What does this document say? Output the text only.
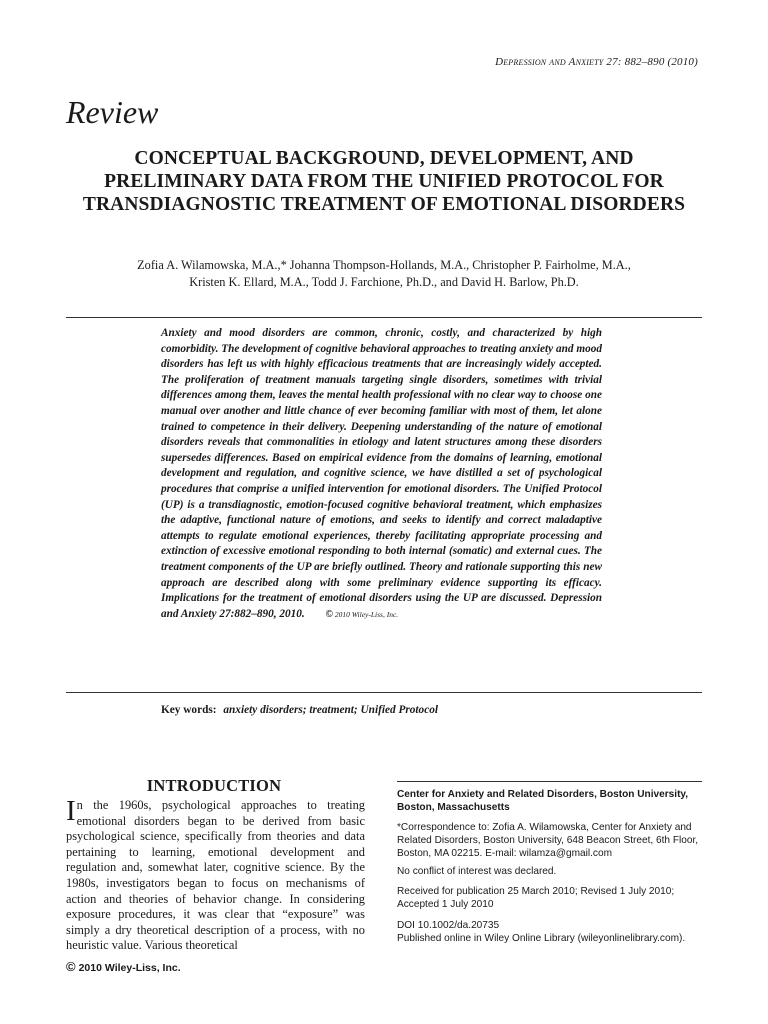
Depression and Anxiety 27: 882–890 (2010)
Review
CONCEPTUAL BACKGROUND, DEVELOPMENT, AND PRELIMINARY DATA FROM THE UNIFIED PROTOCOL FOR TRANSDIAGNOSTIC TREATMENT OF EMOTIONAL DISORDERS
Zofia A. Wilamowska, M.A.,* Johanna Thompson-Hollands, M.A., Christopher P. Fairholme, M.A.,
Kristen K. Ellard, M.A., Todd J. Farchione, Ph.D., and David H. Barlow, Ph.D.
Anxiety and mood disorders are common, chronic, costly, and characterized by high comorbidity. The development of cognitive behavioral approaches to treating anxiety and mood disorders has left us with highly efficacious treatments that are increasingly widely accepted. The proliferation of treatment manuals targeting single disorders, sometimes with trivial differences among them, leaves the mental health professional with no clear way to choose one manual over another and little chance of ever becoming familiar with most of them, let alone trained to competence in their delivery. Deepening understanding of the nature of emotional disorders reveals that commonalities in etiology and latent structures among these disorders supersedes differences. Based on empirical evidence from the domains of learning, emotional development and regulation, and cognitive science, we have distilled a set of psychological procedures that comprise a unified intervention for emotional disorders. The Unified Protocol (UP) is a transdiagnostic, emotion-focused cognitive behavioral treatment, which emphasizes the adaptive, functional nature of emotions, and seeks to identify and correct maladaptive attempts to regulate emotional experiences, thereby facilitating appropriate processing and extinction of excessive emotional responding to both internal (somatic) and external cues. The treatment components of the UP are briefly outlined. Theory and rationale supporting this new approach are described along with some preliminary evidence supporting its efficacy. Implications for the treatment of emotional disorders using the UP are discussed. Depression and Anxiety 27:882–890, 2010. © 2010 Wiley-Liss, Inc.
Key words: anxiety disorders; treatment; Unified Protocol
INTRODUCTION
In the 1960s, psychological approaches to treating emotional disorders began to be derived from basic psychological science, specifically from theories and data pertaining to learning, emotional development and regulation and, somewhat later, cognitive science. By the 1980s, investigators began to focus on mechanisms of action and theories of behavior change. In considering exposure procedures, it was clear that “exposure” was simply a dry theoretical description of a process, with no heuristic value. Various theoretical
© 2010 Wiley-Liss, Inc.
Center for Anxiety and Related Disorders, Boston University, Boston, Massachusetts
*Correspondence to: Zofia A. Wilamowska, Center for Anxiety and Related Disorders, Boston University, 648 Beacon Street, 6th Floor, Boston, MA 02215. E-mail: wilamza@gmail.com
No conflict of interest was declared.
Received for publication 25 March 2010; Revised 1 July 2010; Accepted 1 July 2010
DOI 10.1002/da.20735
Published online in Wiley Online Library (wileyonlinelibrary.com).
